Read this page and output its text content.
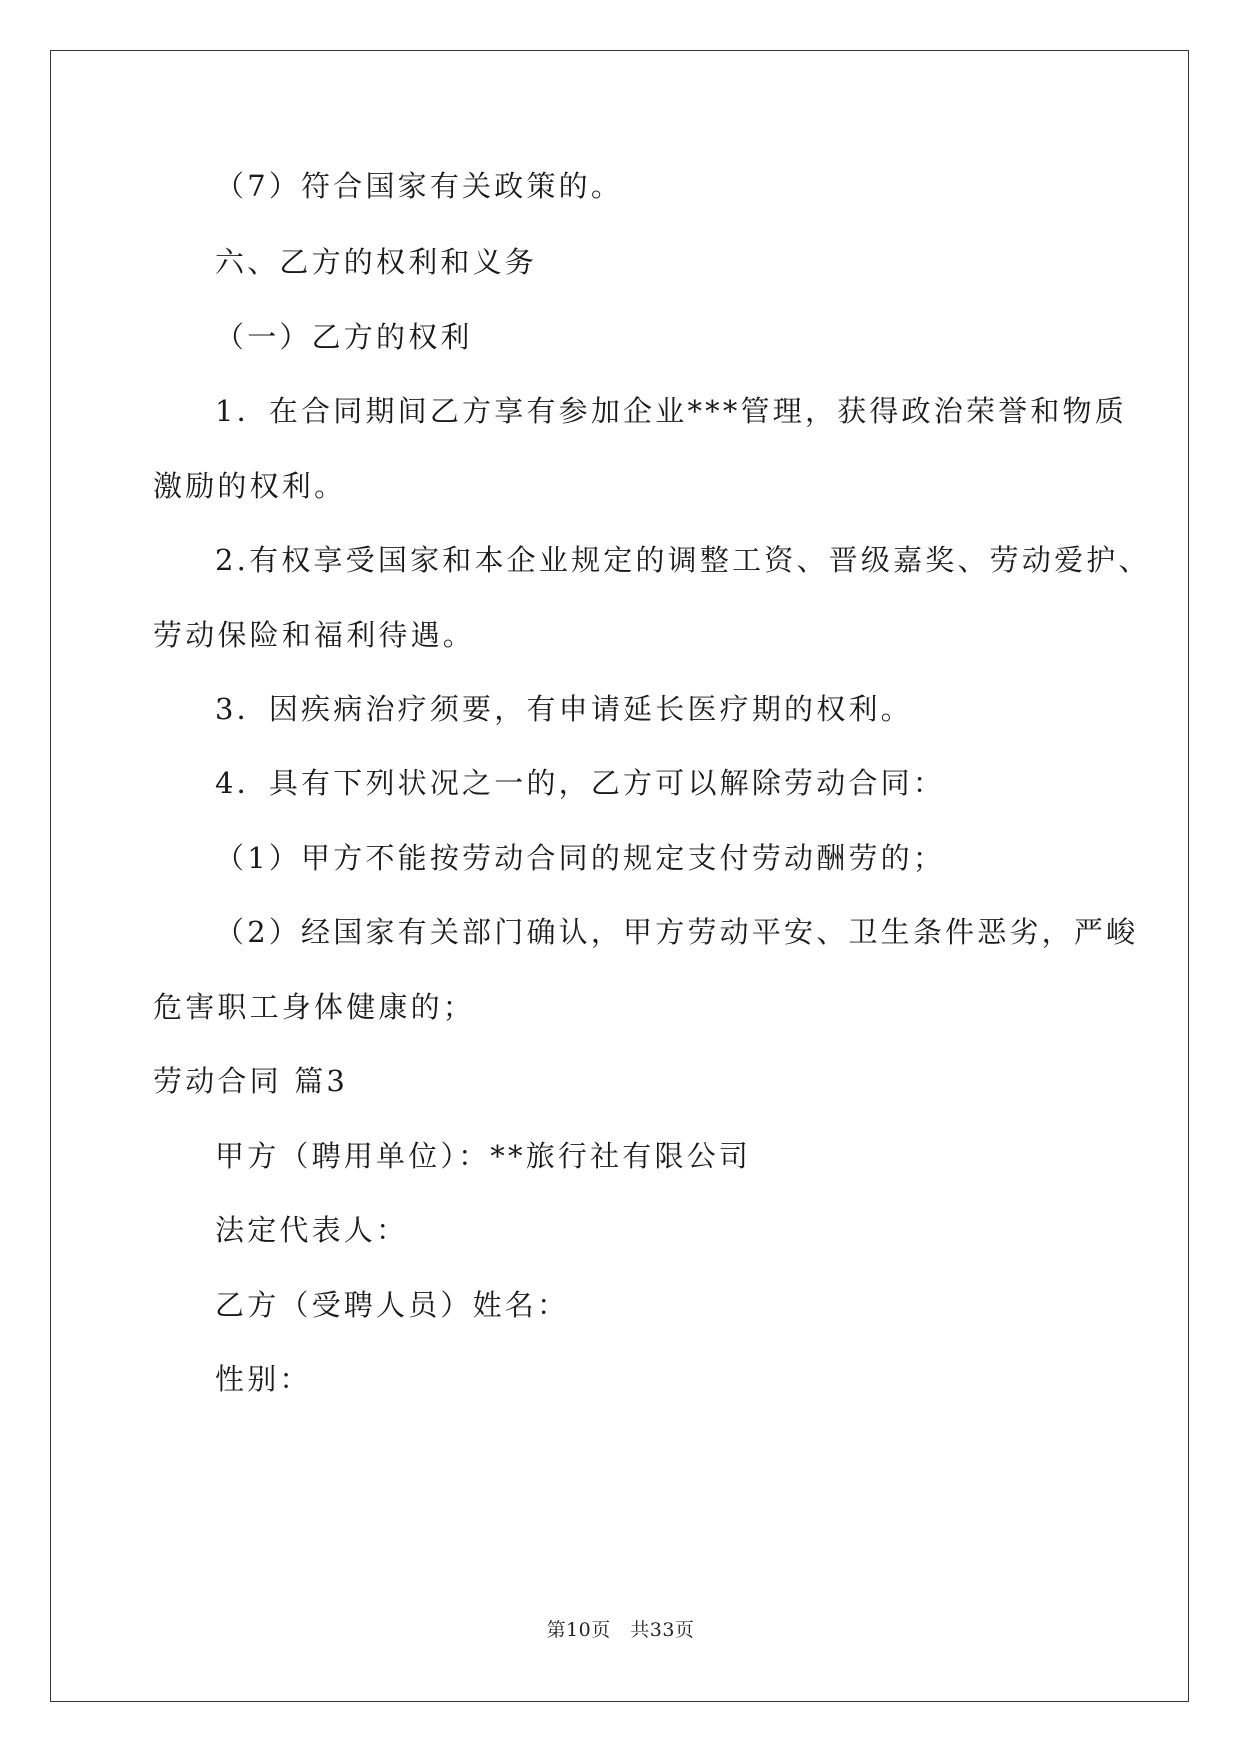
（7）符合国家有关政策的。
六、乙方的权利和义务
（一）乙方的权利
1．在合同期间乙方享有参加企业***管理，获得政治荣誉和物质
激励的权利。
2.有权享受国家和本企业规定的调整工资、晋级嘉奖、劳动爱护、
劳动保险和福利待遇。
3．因疾病治疗须要，有申请延长医疗期的权利。
4．具有下列状况之一的，乙方可以解除劳动合同：
（1）甲方不能按劳动合同的规定支付劳动酬劳的；
（2）经国家有关部门确认，甲方劳动平安、卫生条件恶劣，严峻
危害职工身体健康的；
劳动合同 篇3
甲方（聘用单位）：**旅行社有限公司
法定代表人：
乙方（受聘人员）姓名：
性别：
第10页　共33页
